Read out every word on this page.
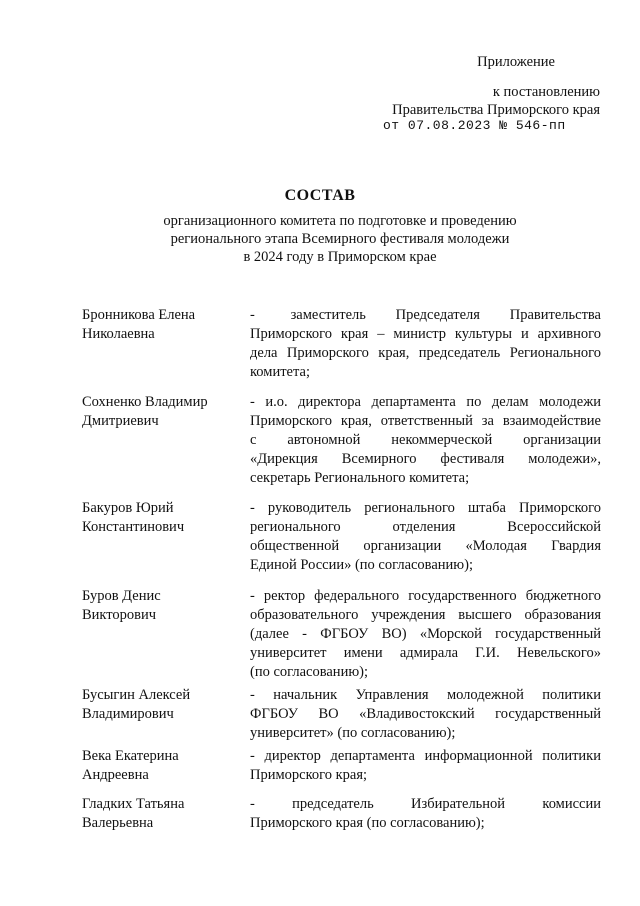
Приложение
к постановлению
Правительства Приморского края
от 07.08.2023 № 546-пп
СОСТАВ
организационного комитета по подготовке и проведению
регионального этапа Всемирного фестиваля молодежи
в 2024 году в Приморском крае
Бронникова Елена
Николаевна
-      заместитель     Председателя     Правительства
Приморского края – министр культуры и архивного
дела Приморского края, председатель Регионального
комитета;
Сохненко Владимир
Дмитриевич
- и.о. директора департамента по делам молодежи
Приморского края, ответственный за взаимодействие
с автономной некоммерческой организации
«Дирекция Всемирного фестиваля молодежи»,
секретарь Регионального комитета;
Бакуров Юрий
Константинович
- руководитель регионального штаба Приморского
регионального отделения Всероссийской
общественной организации «Молодая Гвардия
Единой России» (по согласованию);
Буров Денис
Викторович
- ректор федерального государственного бюджетного
образовательного учреждения высшего образования
(далее - ФГБОУ ВО) «Морской государственный
университет имени адмирала Г.И. Невельского»
(по согласованию);
Бусыгин Алексей
Владимирович
- начальник Управления молодежной политики
ФГБОУ ВО «Владивостокский государственный
университет» (по согласованию);
Века Екатерина
Андреевна
- директор департамента информационной политики
Приморского края;
Гладких Татьяна
Валерьевна
- председатель Избирательной комиссии
Приморского края (по согласованию);
